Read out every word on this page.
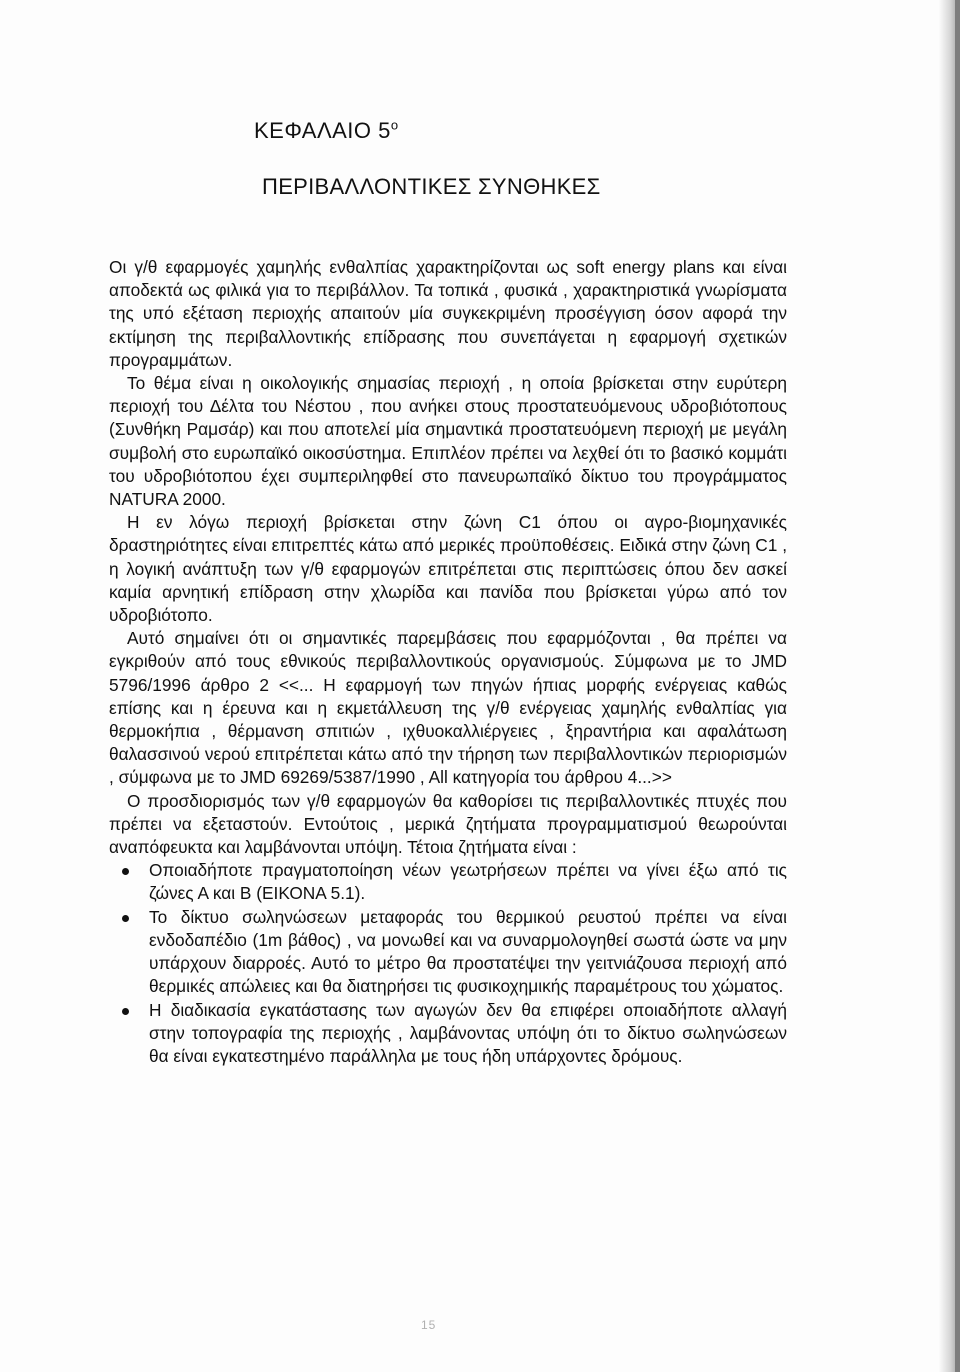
ΚΕΦΑΛΑΙΟ $5^o$
ΠΕΡΙΒΑΛΛΟΝΤΙΚΕΣ ΣΥΝΘΗΚΕΣ

Οι γ/θ εφαρμογές χαμηλής ενθαλπίας χαρακτηρίζονται ως soft energy plans και είναι αποδεκτά ως φιλικά για το περιβάλλον. Τα τοπικά , φυσικά , χαρακτηριστικά γνωρίσματα της υπό εξέταση περιοχής απαιτούν μία συγκεκριμένη προσέγγιση όσον αφορά την εκτίμηση της περιβαλλοντικής επίδρασης που συνεπάγεται η εφαρμογή σχετικών προγραμμάτων.

Το θέμα είναι η οικολογικής σημασίας περιοχή , η οποία βρίσκεται στην ευρύτερη περιοχή του Δέλτα του Νέστου , που ανήκει στους προστατευόμενους υδροβιότοπους (Συνθήκη Ραμσάρ) και που αποτελεί μία σημαντικά προστατευόμενη περιοχή με μεγάλη συμβολή στο ευρωπαϊκό οικοσύστημα. Επιπλέον πρέπει να λεχθεί ότι το βασικό κομμάτι του υδροβιότοπου έχει συμπεριληφθεί στο πανευρωπαϊκό δίκτυο του προγράμματος NATURA 2000.

Η εν λόγω περιοχή βρίσκεται στην ζώνη C1 όπου οι αγρο-βιομηχανικές δραστηριότητες είναι επιτρεπτές κάτω από μερικές προϋποθέσεις. Ειδικά στην ζώνη C1 , η λογική ανάπτυξη των γ/θ εφαρμογών επιτρέπεται στις περιπτώσεις όπου δεν ασκεί καμία αρνητική επίδραση στην χλωρίδα και πανίδα που βρίσκεται γύρω από τον υδροβιότοπο.

Αυτό σημαίνει ότι οι σημαντικές παρεμβάσεις που εφαρμόζονται , θα πρέπει να εγκριθούν από τους εθνικούς περιβαλλοντικούς οργανισμούς. Σύμφωνα με το JMD 5796/1996 άρθρο 2 <<... Η εφαρμογή των πηγών ήπιας μορφής ενέργειας καθώς επίσης και η έρευνα και η εκμετάλλευση της γ/θ ενέργειας χαμηλής ενθαλπίας για θερμοκήπια , θέρμανση σπιτιών , ιχθυοκαλλιέργειες , ξηραντήρια και αφαλάτωση θαλασσινού νερού επιτρέπεται κάτω από την τήρηση των περιβαλλοντικών περιορισμών , σύμφωνα με το JMD 69269/5387/1990 , All κατηγορία του άρθρου 4...>>

Ο προσδιορισμός των γ/θ εφαρμογών θα καθορίσει τις περιβαλλοντικές πτυχές που πρέπει να εξεταστούν. Εντούτοις , μερικά ζητήματα προγραμματισμού θεωρούνται αναπόφευκτα και λαμβάνονται υπόψη. Τέτοια ζητήματα είναι :

Οποιαδήποτε πραγματοποίηση νέων γεωτρήσεων πρέπει να γίνει έξω από τις ζώνες Α και Β (ΕΙΚΟΝΑ 5.1).
Το δίκτυο σωληνώσεων μεταφοράς του θερμικού ρευστού πρέπει να είναι ενδοδαπέδιο (1m βάθος) , να μονωθεί και να συναρμολογηθεί σωστά ώστε να μην υπάρχουν διαρροές. Αυτό το μέτρο θα προστατέψει την γειτνιάζουσα περιοχή από θερμικές απώλειες και θα διατηρήσει τις φυσικοχημικής παραμέτρους του χώματος.
Η διαδικασία εγκατάστασης των αγωγών δεν θα επιφέρει οποιαδήποτε αλλαγή στην τοπογραφία της περιοχής , λαμβάνοντας υπόψη ότι το δίκτυο σωληνώσεων θα είναι εγκατεστημένο παράλληλα με τους ήδη υπάρχοντες δρόμους.
15
